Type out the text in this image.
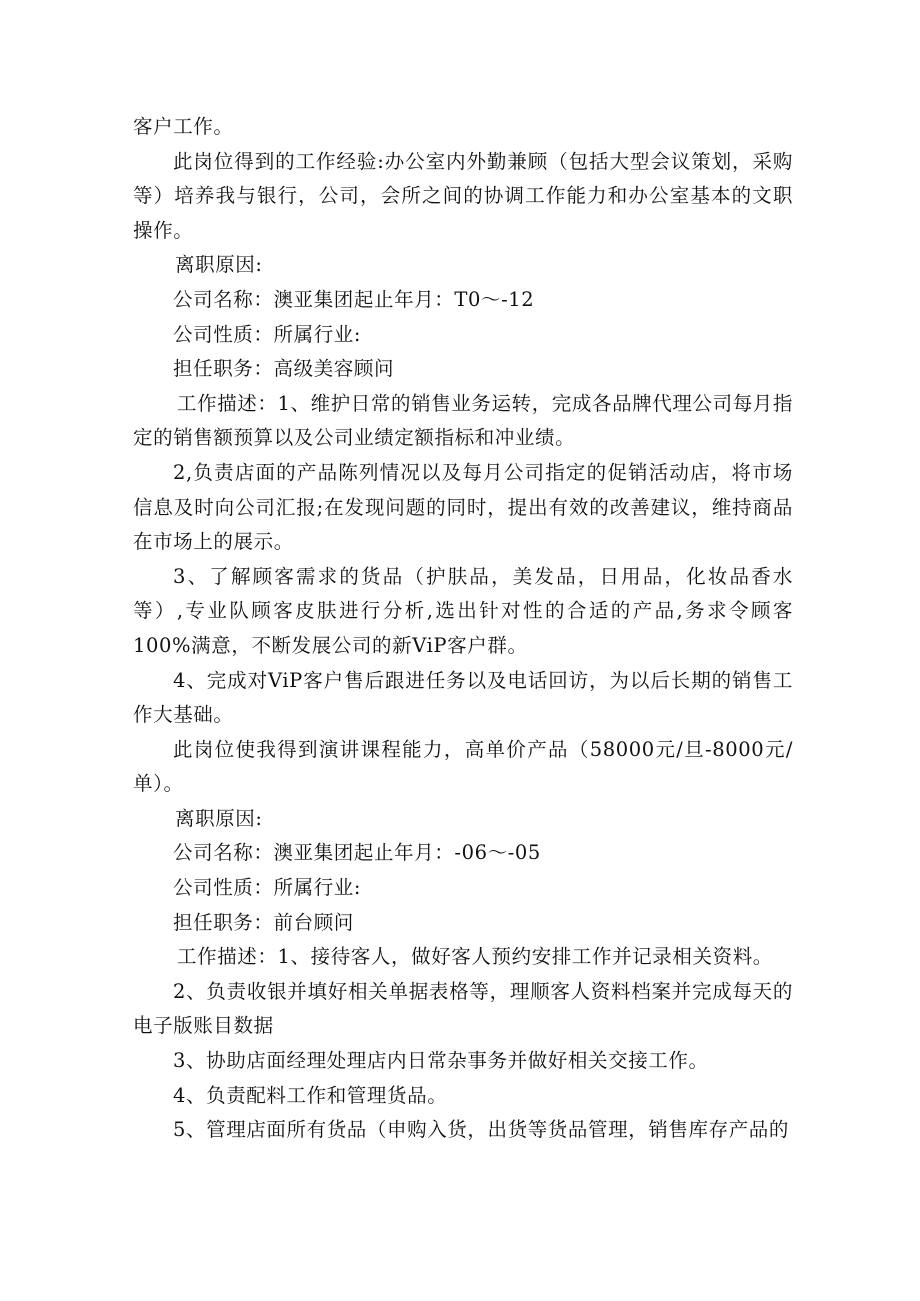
客户工作。

此岗位得到的工作经验:办公室内外勤兼顾（包括大型会议策划，采购等）培养我与银行，公司，会所之间的协调工作能力和办公室基本的文职操作。

离职原因:

公司名称：澳亚集团起止年月：T0～-12

公司性质：所属行业:

担任职务：高级美容顾问

工作描述：1、维护日常的销售业务运转，完成各品牌代理公司每月指定的销售额预算以及公司业绩定额指标和冲业绩。

2,负责店面的产品陈列情况以及每月公司指定的促销活动店，将市场信息及时向公司汇报;在发现问题的同时，提出有效的改善建议，维持商品在市场上的展示。

3、了解顾客需求的货品（护肤品，美发品，日用品，化妆品香水等）,专业队顾客皮肤进行分析,选出针对性的合适的产品,务求令顾客100%满意，不断发展公司的新ViP客户群。

4、完成对ViP客户售后跟进任务以及电话回访，为以后长期的销售工作大基础。

此岗位使我得到演讲课程能力，高单价产品（58000元/旦-8000元/单）。

离职原因:

公司名称：澳亚集团起止年月：-06～-05

公司性质：所属行业:

担任职务：前台顾问

工作描述：1、接待客人，做好客人预约安排工作并记录相关资料。

2、负责收银并填好相关单据表格等，理顺客人资料档案并完成每天的电子版账目数据

3、协助店面经理处理店内日常杂事务并做好相关交接工作。

4、负责配料工作和管理货品。

5、管理店面所有货品（申购入货，出货等货品管理，销售库存产品的
